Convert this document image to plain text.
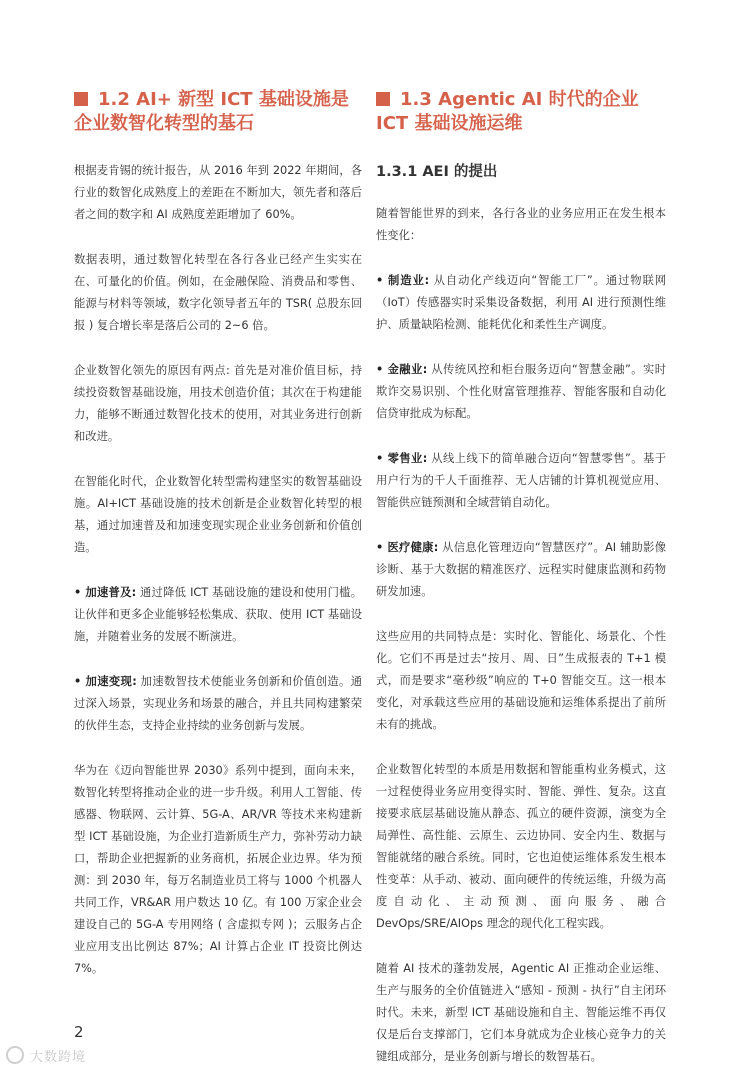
1.2 AI+ 新型 ICT 基础设施是企业数智化转型的基石

根据麦肯锡的统计报告，从 2016 年到 2022 年期间，各行业的数智化成熟度上的差距在不断加大，领先者和落后者之间的数字和 AI 成熟度差距增加了 60%。

数据表明，通过数智化转型在各行各业已经产生实实在在、可量化的价值。例如，在金融保险、消费品和零售、能源与材料等领域，数字化领导者五年的 TSR( 总股东回报 ) 复合增长率是落后公司的 2~6 倍。

企业数智化领先的原因有两点: 首先是对准价值目标，持续投资数智基础设施，用技术创造价值；其次在于构建能力，能够不断通过数智化技术的使用，对其业务进行创新和改进。

在智能化时代，企业数智化转型需构建坚实的数智基础设施。AI+ICT 基础设施的技术创新是企业数智化转型的根基，通过加速普及和加速变现实现企业业务创新和价值创造。

• 加速普及: 通过降低 ICT 基础设施的建设和使用门槛。让伙伴和更多企业能够轻松集成、获取、使用 ICT 基础设施，并随着业务的发展不断演进。

• 加速变现: 加速数智技术使能业务创新和价值创造。通过深入场景，实现业务和场景的融合，并且共同构建繁荣的伙伴生态，支持企业持续的业务创新与发展。

华为在《迈向智能世界 2030》系列中提到，面向未来，数智化转型将推动企业的进一步升级。利用人工智能、传感器、物联网、云计算、5G-A、AR/VR 等技术来构建新型 ICT 基础设施，为企业打造新质生产力，弥补劳动力缺口，帮助企业把握新的业务商机，拓展企业边界。华为预测：到 2030 年，每万名制造业员工将与 1000 个机器人共同工作，VR&AR 用户数达 10 亿。有 100 万家企业会建设自己的 5G-A 专用网络 ( 含虚拟专网 )；云服务占企业应用支出比例达 87%；AI 计算占企业 IT 投资比例达 7%。

1.3 Agentic AI 时代的企业 ICT 基础设施运维
1.3.1 AEI 的提出

随着智能世界的到来，各行各业的业务应用正在发生根本性变化：

• 制造业: 从自动化产线迈向“智能工厂”。通过物联网（IoT）传感器实时采集设备数据，利用 AI 进行预测性维护、质量缺陷检测、能耗优化和柔性生产调度。

• 金融业: 从传统风控和柜台服务迈向“智慧金融”。实时欺诈交易识别、个性化财富管理推荐、智能客服和自动化信贷审批成为标配。

• 零售业: 从线上线下的简单融合迈向“智慧零售”。基于用户行为的千人千面推荐、无人店铺的计算机视觉应用、智能供应链预测和全域营销自动化。

• 医疗健康: 从信息化管理迈向“智慧医疗”。AI 辅助影像诊断、基于大数据的精准医疗、远程实时健康监测和药物研发加速。

这些应用的共同特点是：实时化、智能化、场景化、个性化。它们不再是过去“按月、周、日”生成报表的 T+1 模式，而是要求“毫秒级”响应的 T+0 智能交互。这一根本变化，对承载这些应用的基础设施和运维体系提出了前所未有的挑战。

企业数智化转型的本质是用数据和智能重构业务模式，这一过程使得业务应用变得实时、智能、弹性、复杂。这直接要求底层基础设施从静态、孤立的硬件资源，演变为全局弹性、高性能、云原生、云边协同、安全内生、数据与智能就绪的融合系统。同时，它也迫使运维体系发生根本性变革：从手动、被动、面向硬件的传统运维，升级为高度自动化、主动预测、面向服务、融合 DevOps/SRE/AIOps 理念的现代化工程实践。

随着 AI 技术的蓬勃发展，Agentic AI 正推动企业运维、生产与服务的全价值链进入“感知 - 预测 - 执行”自主闭环时代。未来，新型 ICT 基础设施和自主、智能运维不再仅仅是后台支撑部门，它们本身就成为企业核心竞争力的关键组成部分，是业务创新与增长的数智基石。

2
大数跨境
